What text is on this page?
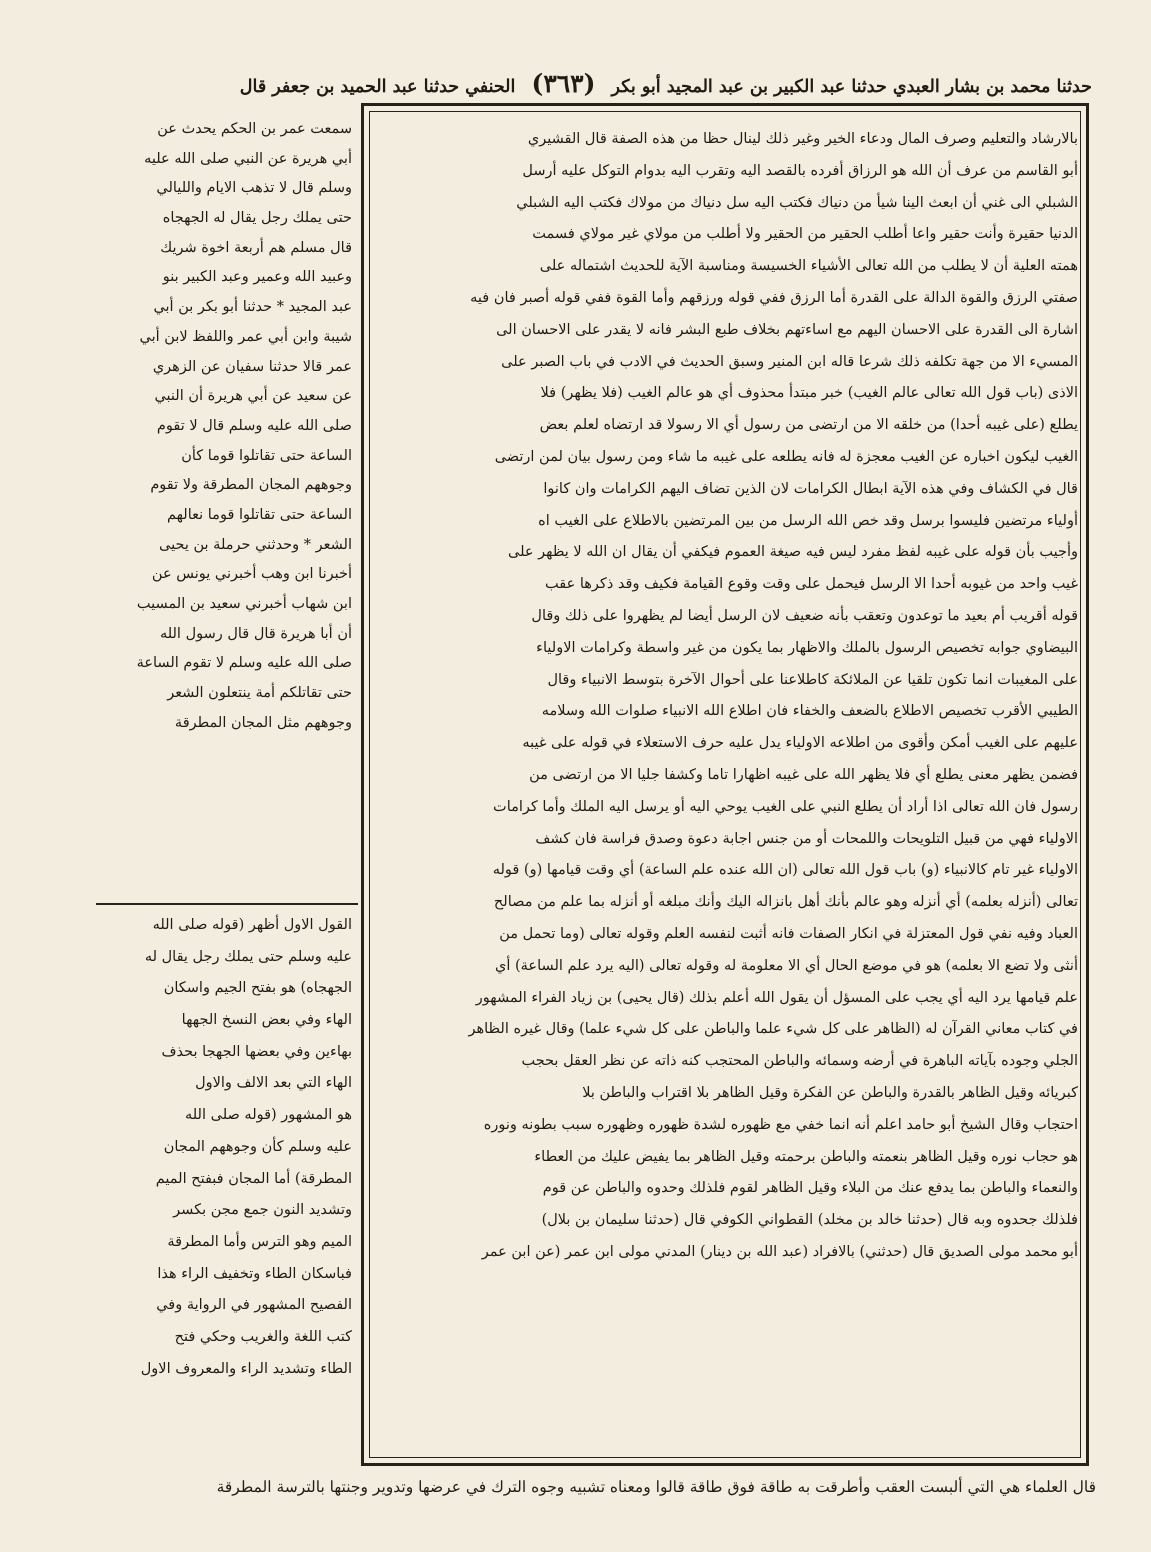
حدثنا محمد بن بشار العبدي حدثنا عبد الكبير بن عبد المجيد أبو بكر (٣٦٣) الحنفي حدثنا عبد الحميد بن جعفر قال
بالارشاد والتعليم وصرف المال ودعاء الخير وغير ذلك لينال حظا من هذه الصفة قال القشيري
أبو القاسم من عرف أن الله هو الرزاق أفرده بالقصد اليه وتقرب اليه بدوام التوكل عليه أرسل
الشبلي الى غني أن ابعث الينا شيأ من دنياك فكتب اليه سل دنياك من مولاك فكتب اليه الشبلي
الدنيا حقيرة وأنت حقير واعا أطلب الحقير من الحقير ولا أطلب من مولاي غير مولاي فسمت
همته العلية أن لا يطلب من الله تعالى الأشياء الخسيسة ومناسبة الآية للحديث اشتماله على
صفتي الرزق والقوة الدالة على القدرة أما الرزق ففي قوله ورزقهم وأما القوة ففي قوله أصبر فان فيه
اشارة الى القدرة على الاحسان اليهم مع اساءتهم بخلاف طبع البشر فانه لا يقدر على الاحسان الى
المسيء الا من جهة تكلفه ذلك شرعا قاله ابن المنير وسبق الحديث في الادب في باب الصبر على
الاذى (باب قول الله تعالى عالم الغيب) خبر مبتدأ محذوف أي هو عالم الغيب (فلا يظهر) فلا
يطلع (على غيبه أحدا) من خلقه الا من ارتضى من رسول أي الا رسولا قد ارتضاه لعلم بعض
الغيب ليكون اخباره عن الغيب معجزة له فانه يطلعه على غيبه ما شاء ومن رسول بيان لمن ارتضى
قال في الكشاف وفي هذه الآية ابطال الكرامات لان الذين تضاف اليهم الكرامات وان كانوا
أولياء مرتضين فليسوا برسل وقد خص الله الرسل من بين المرتضين بالاطلاع على الغيب اه
وأجيب بأن قوله على غيبه لفظ مفرد ليس فيه صيغة العموم فيكفي أن يقال ان الله لا يظهر على
غيب واحد من غيوبه أحدا الا الرسل فيحمل على وقت وقوع القيامة فكيف وقد ذكرها عقب
قوله أقريب أم بعيد ما توعدون وتعقب بأنه ضعيف لان الرسل أيضا لم يظهروا على ذلك وقال
البيضاوي جوابه تخصيص الرسول بالملك والاظهار بما يكون من غير واسطة وكرامات الاولياء
على المغيبات انما تكون تلقيا عن الملائكة كاطلاعنا على أحوال الآخرة بتوسط الانبياء وقال
الطيبي الأقرب تخصيص الاطلاع بالضعف والخفاء فان اطلاع الله الانبياء صلوات الله وسلامه
عليهم على الغيب أمكن وأقوى من اطلاعه الاولياء يدل عليه حرف الاستعلاء في قوله على غيبه
فضمن يظهر معنى يطلع أي فلا يظهر الله على غيبه اظهارا تاما وكشفا جليا الا من ارتضى من
رسول فان الله تعالى اذا أراد أن يطلع النبي على الغيب يوحي اليه أو يرسل اليه الملك وأما كرامات
الاولياء فهي من قبيل التلويحات واللمحات أو من جنس اجابة دعوة وصدق فراسة فان كشف
الاولياء غير تام كالانبياء (و) باب قول الله تعالى (ان الله عنده علم الساعة) أي وقت قيامها (و) قوله
تعالى (أنزله بعلمه) أي أنزله وهو عالم بأنك أهل بانزاله اليك وأنك مبلغه أو أنزله بما علم من مصالح
العباد وفيه نفي قول المعتزلة في انكار الصفات فانه أثبت لنفسه العلم وقوله تعالى (وما تحمل من
أنثى ولا تضع الا بعلمه) هو في موضع الحال أي الا معلومة له وقوله تعالى (اليه يرد علم الساعة) أي
علم قيامها يرد اليه أي يجب على المسؤل أن يقول الله أعلم بذلك (قال يحيى) بن زياد الفراء المشهور
في كتاب معاني القرآن له (الظاهر على كل شيء علما والباطن على كل شيء علما) وقال غيره الظاهر
الجلي وجوده بآياته الباهرة في أرضه وسمائه والباطن المحتجب كنه ذاته عن نظر العقل بحجب
كبريائه وقيل الظاهر بالقدرة والباطن عن الفكرة وقيل الظاهر بلا اقتراب والباطن بلا
احتجاب وقال الشيخ أبو حامد اعلم أنه انما خفي مع ظهوره لشدة ظهوره وظهوره سبب بطونه ونوره
هو حجاب نوره وقيل الظاهر بنعمته والباطن برحمته وقيل الظاهر بما يفيض عليك من العطاء
والنعماء والباطن بما يدفع عنك من البلاء وقيل الظاهر لقوم فلذلك وحدوه والباطن عن قوم
فلذلك جحدوه وبه قال (حدثنا خالد بن مخلد) القطواني الكوفي قال (حدثنا سليمان بن بلال)
أبو محمد مولى الصديق قال (حدثني) بالافراد (عبد الله بن دينار) المدني مولى ابن عمر (عن ابن عمر
سمعت عمر بن الحكم يحدث عن
أبي هريرة عن النبي صلى الله عليه
وسلم قال لا تذهب الايام والليالي
حتى يملك رجل يقال له الجهجاه
قال مسلم هم أربعة اخوة شريك
وعبيد الله وعمير وعبد الكبير بنو
عبد المجيد * حدثنا أبو بكر بن أبي
شيبة وابن أبي عمر واللفظ لابن أبي
عمر قالا حدثنا سفيان عن الزهري
عن سعيد عن أبي هريرة أن النبي
صلى الله عليه وسلم قال لا تقوم
الساعة حتى تقاتلوا قوما كأن
وجوههم المجان المطرقة ولا تقوم
الساعة حتى تقاتلوا قوما نعالهم
الشعر * وحدثني حرملة بن يحيى
أخبرنا ابن وهب أخبرني يونس عن
ابن شهاب أخبرني سعيد بن المسيب
أن أبا هريرة قال قال رسول الله
صلى الله عليه وسلم لا تقوم الساعة
حتى تقاتلكم أمة ينتعلون الشعر
وجوههم مثل المجان المطرقة
القول الاول أظهر (قوله صلى الله
عليه وسلم حتى يملك رجل يقال له
الجهجاه) هو بفتح الجيم واسكان
الهاء وفي بعض النسخ الجهها
بهاءين وفي بعضها الجهجا بحذف
الهاء التي بعد الالف والاول
هو المشهور (قوله صلى الله
عليه وسلم كأن وجوههم المجان
المطرقة) أما المجان فبفتح الميم
وتشديد النون جمع مجن بكسر
الميم وهو الترس وأما المطرقة
فباسكان الطاء وتخفيف الراء هذا
الفصيح المشهور في الرواية وفي
كتب اللغة والغريب وحكي فتح
الطاء وتشديد الراء والمعروف الاول
قال العلماء هي التي ألبست العقب وأطرقت به طاقة فوق طاقة قالوا ومعناه تشبيه وجوه الترك في عرضها وتدوير وجنتها بالترسة المطرقة
